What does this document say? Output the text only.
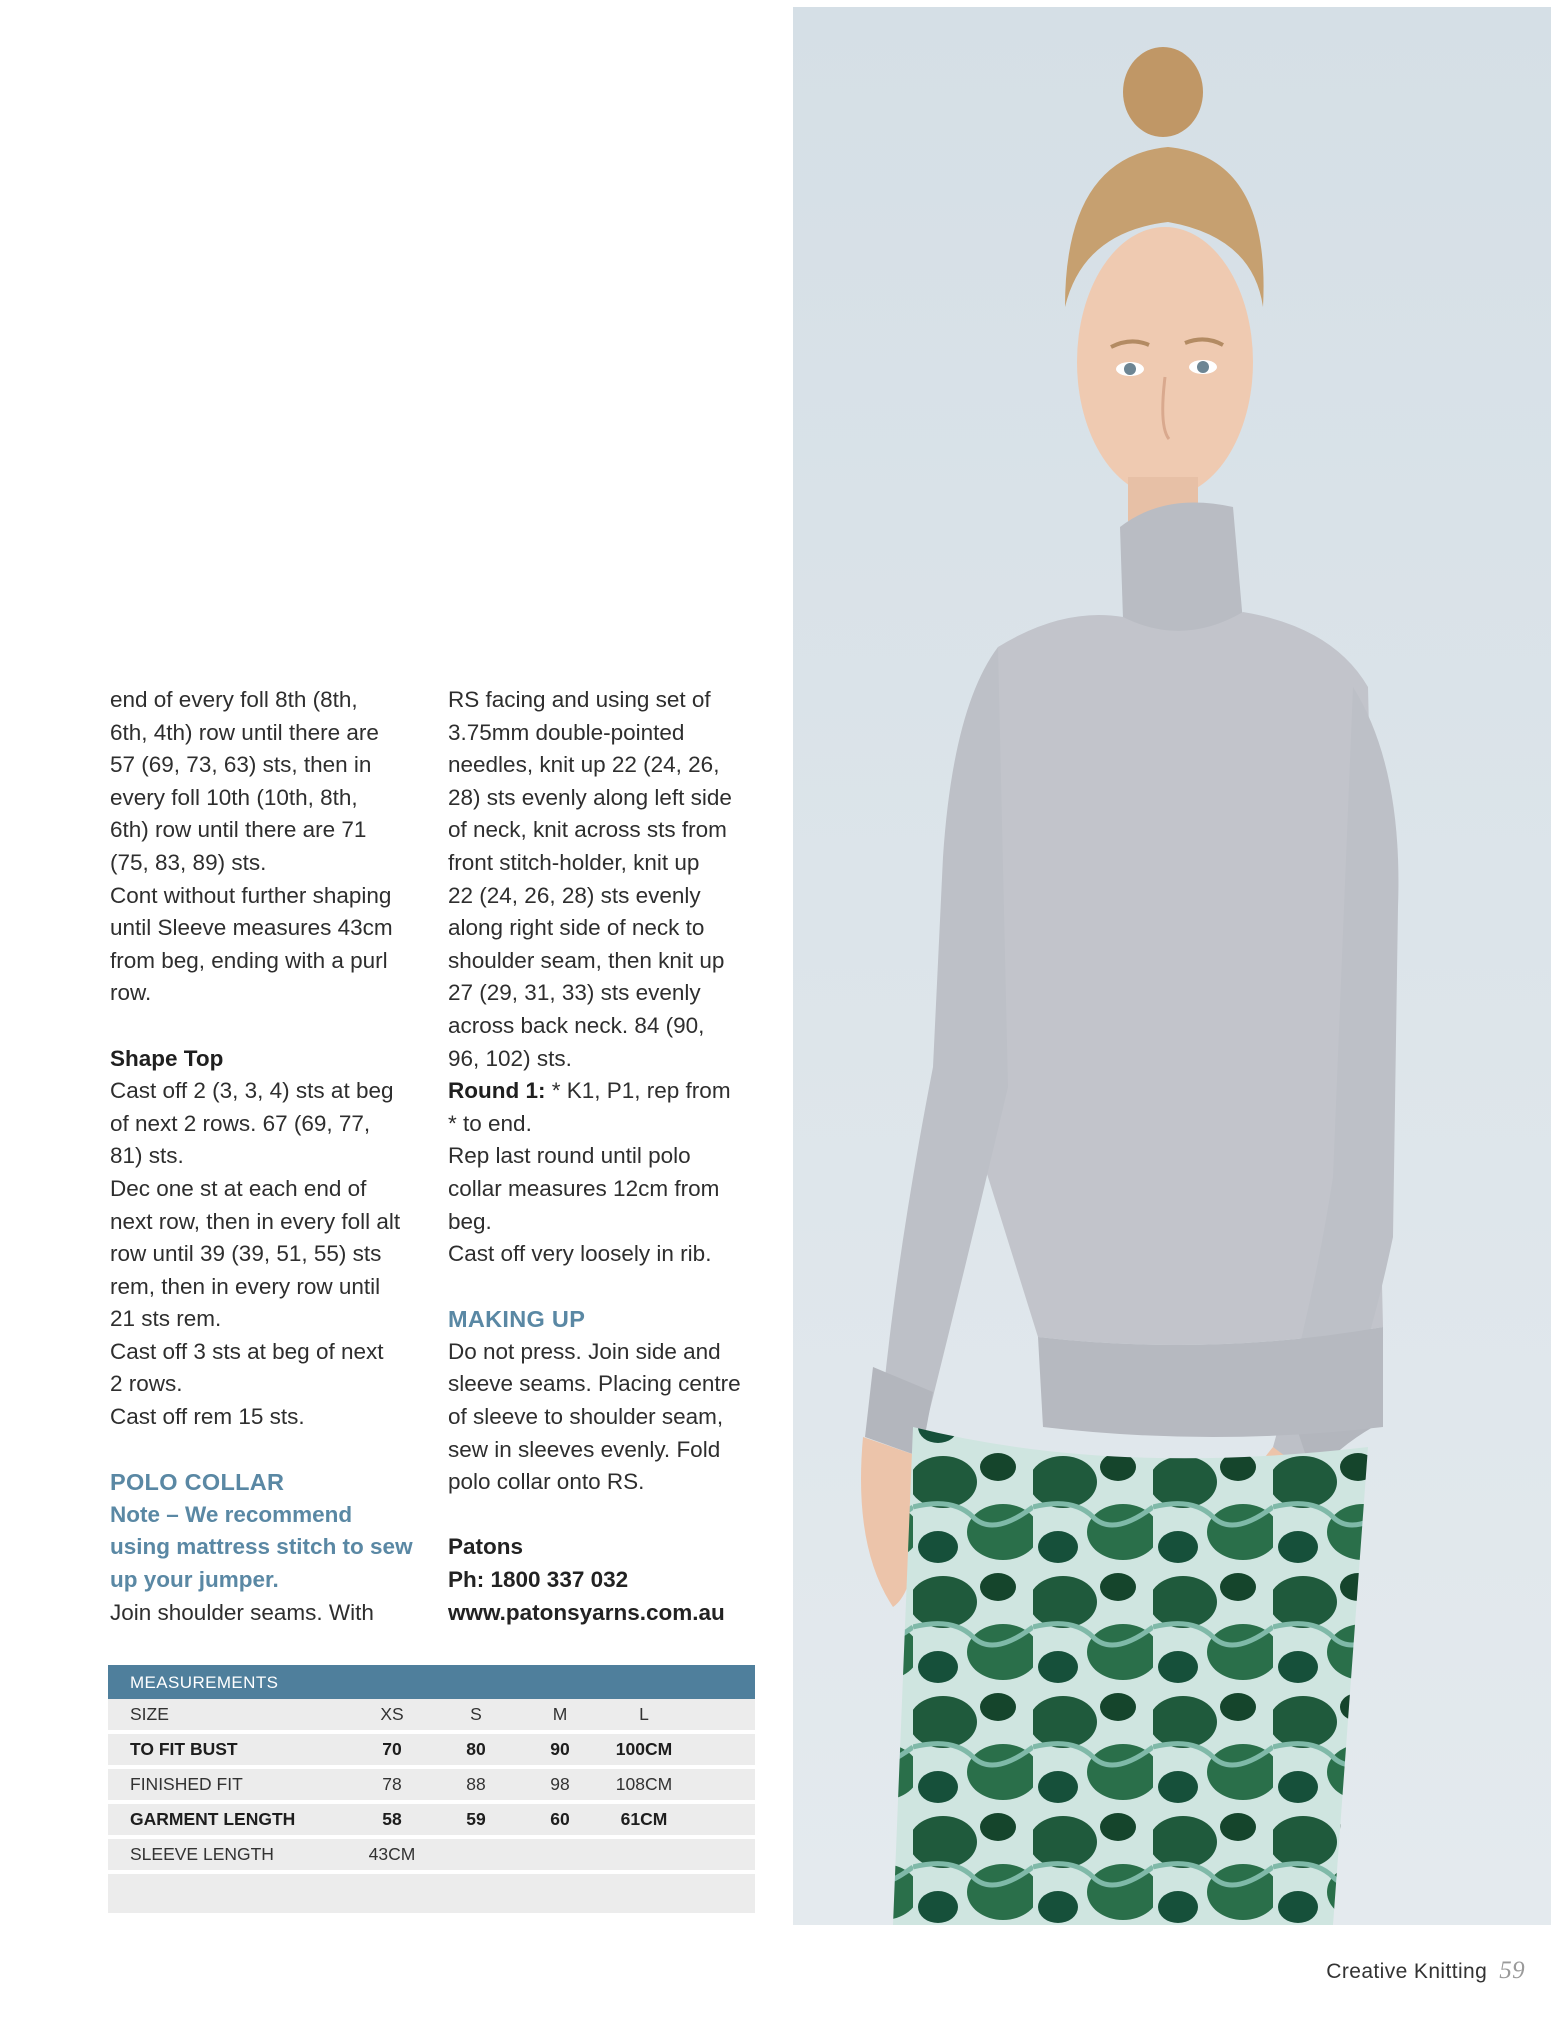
end of every foll 8th (8th,

6th, 4th) row until there are

57 (69, 73, 63) sts, then in

every foll 10th (10th, 8th,

6th) row until there are 71

(75, 83, 89) sts.

Cont without further shaping

until Sleeve measures 43cm

from beg, ending with a purl

row.

Shape Top

Cast off 2 (3, 3, 4) sts at beg

of next 2 rows. 67 (69, 77,

81) sts.

Dec one st at each end of

next row, then in every foll alt

row until 39 (39, 51, 55) sts

rem, then in every row until

21 sts rem.

Cast off 3 sts at beg of next

2 rows.

Cast off rem 15 sts.

POLO COLLAR

Note – We recommend

using mattress stitch to sew

up your jumper.

Join shoulder seams. With

RS facing and using set of

3.75mm double-pointed

needles, knit up 22 (24, 26,

28) sts evenly along left side

of neck, knit across sts from

front stitch-holder, knit up

22 (24, 26, 28) sts evenly

along right side of neck to

shoulder seam, then knit up

27 (29, 31, 33) sts evenly

across back neck. 84 (90,

96, 102) sts.

Round 1: * K1, P1, rep from

* to end.

Rep last round until polo

collar measures 12cm from

beg.

Cast off very loosely in rib.

MAKING UP

Do not press. Join side and

sleeve seams. Placing centre

of sleeve to shoulder seam,

sew in sleeves evenly. Fold

polo collar onto RS.

Patons

Ph: 1800 337 032

www.patonsyarns.com.au

MEASUREMENTS
SIZE	XS	S	M	L	
TO FIT BUST	70	80	90	100CM	
FINISHED FIT	78	88	98	108CM	
GARMENT LENGTH	58	59	60	61CM	
SLEEVE LENGTH	43CM				
Creative Knitting 59
